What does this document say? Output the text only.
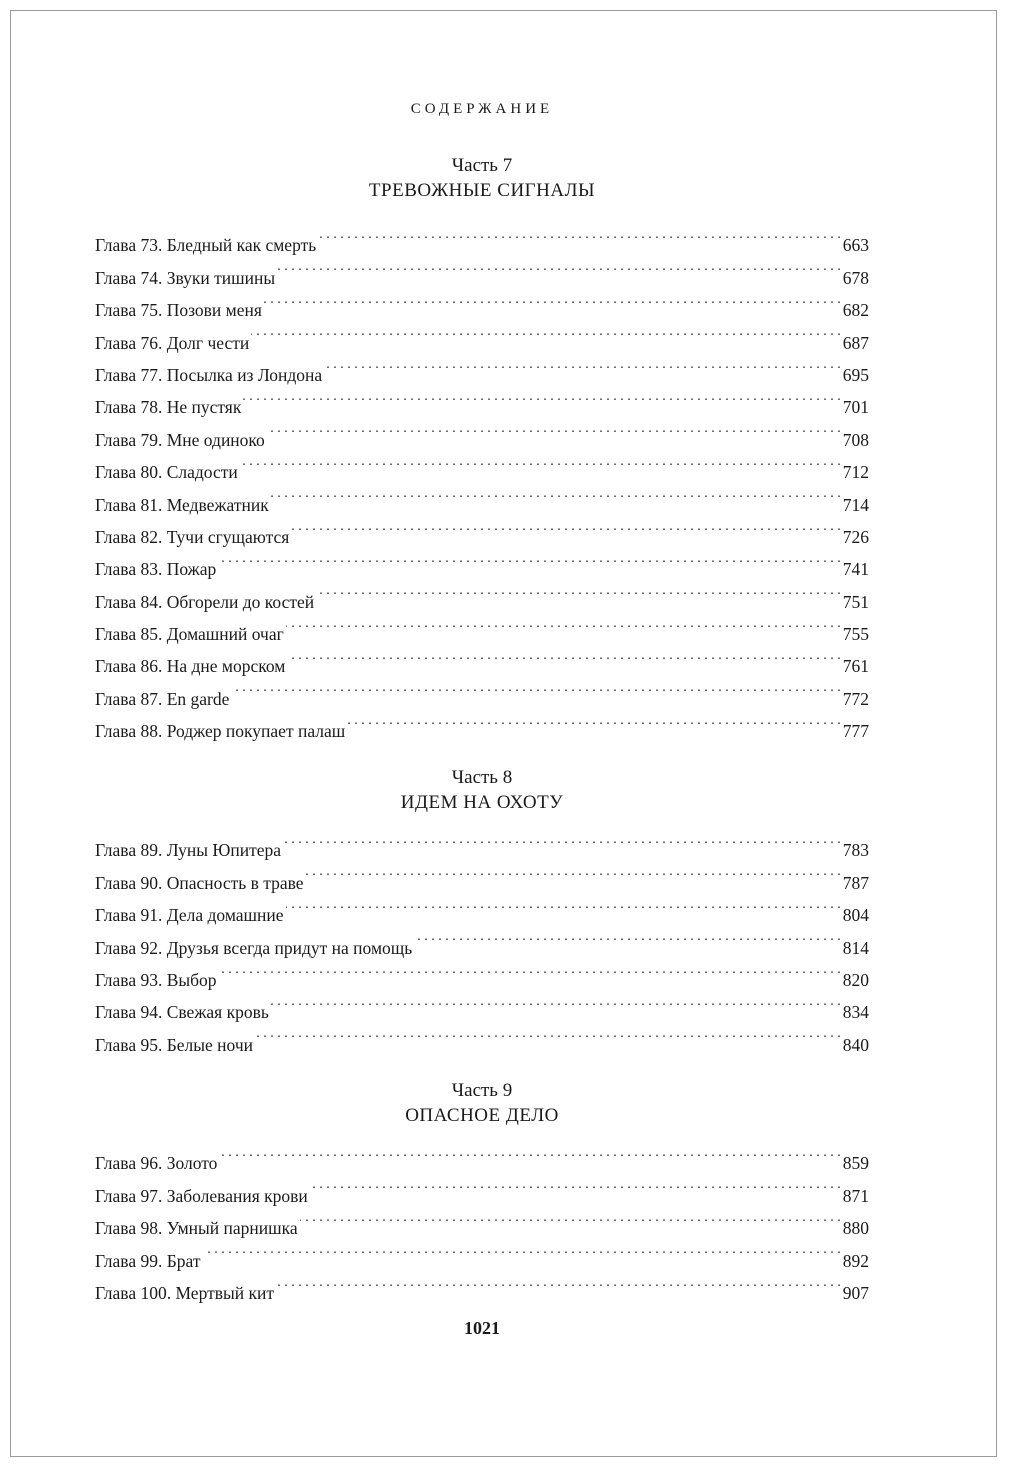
СОДЕРЖАНИЕ
Часть 7
ТРЕВОЖНЫЕ СИГНАЛЫ
Глава 73. Бледный как смерть . . .	663
Глава 74. Звуки тишины . . .	678
Глава 75. Позови меня . . .	682
Глава 76. Долг чести . . .	687
Глава 77. Посылка из Лондона . . .	695
Глава 78. Не пустяк . . .	701
Глава 79. Мне одиноко . . .	708
Глава 80. Сладости . . .	712
Глава 81. Медвежатник . . .	714
Глава 82. Тучи сгущаются . . .	726
Глава 83. Пожар . . .	741
Глава 84. Обгорели до костей . . .	751
Глава 85. Домашний очаг . . .	755
Глава 86. На дне морском . . .	761
Глава 87. En garde . . .	772
Глава 88. Роджер покупает палаш . . .	777
Часть 8
ИДЕМ НА ОХОТУ
Глава 89. Луны Юпитера . . .	783
Глава 90. Опасность в траве . . .	787
Глава 91. Дела домашние . . .	804
Глава 92. Друзья всегда придут на помощь . . .	814
Глава 93. Выбор . . .	820
Глава 94. Свежая кровь . . .	834
Глава 95. Белые ночи . . .	840
Часть 9
ОПАСНОЕ ДЕЛО
Глава 96. Золото . . .	859
Глава 97. Заболевания крови . . .	871
Глава 98. Умный парнишка . . .	880
Глава 99. Брат . . .	892
Глава 100. Мертвый кит . . .	907
1021
